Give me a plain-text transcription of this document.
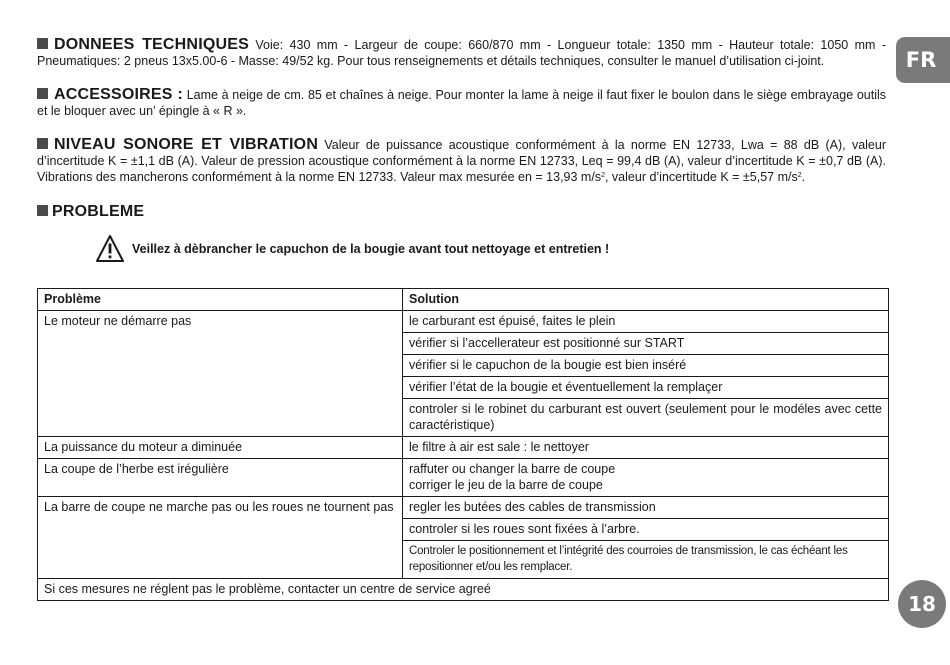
DONNEES TECHNIQUES Voie: 430 mm - Largeur de coupe: 660/870 mm - Longueur totale: 1350 mm - Hauteur totale: 1050 mm - Pneumatiques: 2 pneus 13x5.00-6 - Masse: 49/52 kg. Pour tous renseignements et détails techniques, consulter le manuel d’utilisation ci-joint.
ACCESSOIRES : Lame à neige de cm. 85 et chaînes à neige. Pour monter la lame à neige il faut fixer le boulon dans le siège embrayage outils et le bloquer avec un’ épingle à « R ».
NIVEAU SONORE ET VIBRATION Valeur de puissance acoustique conformément à la norme EN 12733, Lwa = 88 dB (A), valeur d’incertitude K = ±1,1 dB (A). Valeur de pression acoustique conformément à la norme EN 12733, Leq = 99,4 dB (A), valeur d’incertitude K = ±0,7 dB (A). Vibrations des mancherons conformément à la norme EN 12733. Valeur max mesurée en = 13,93 $m/s^2$, valeur d’incertitude K = ±5,57 $m/s^2$.
PROBLEME
Veillez à dèbrancher le capuchon de la bougie avant tout nettoyage et entretien !
Problème	Solution
Le moteur ne démarre pas	le carburant est épuisé, faites le plein
	vérifier si l’accellerateur est positionné sur START
	vérifier si le capuchon de la bougie est bien inséré
	vérifier l’état de la bougie et éventuellement la remplaçer
	controler si le robinet du carburant est ouvert (seulement pour le modéles avec cette caractéristique)
La puissance du moteur a diminuée	le filtre à air est sale : le nettoyer
La coupe de l’herbe est irégulière	raffuter ou changer la barre de coupe
corriger le jeu de la barre de coupe

La barre de coupe ne marche pas ou les roues ne tournent pas	regler les butées des cables de transmission
	controler si les roues sont fixées à l’arbre.
	Controler le positionnement et l’intégrité des courroies de transmission, le cas échéant les repositionner et/ou les remplacer.
Si ces mesures ne réglent pas le problème, contacter un centre de service agreé	
FR
18
